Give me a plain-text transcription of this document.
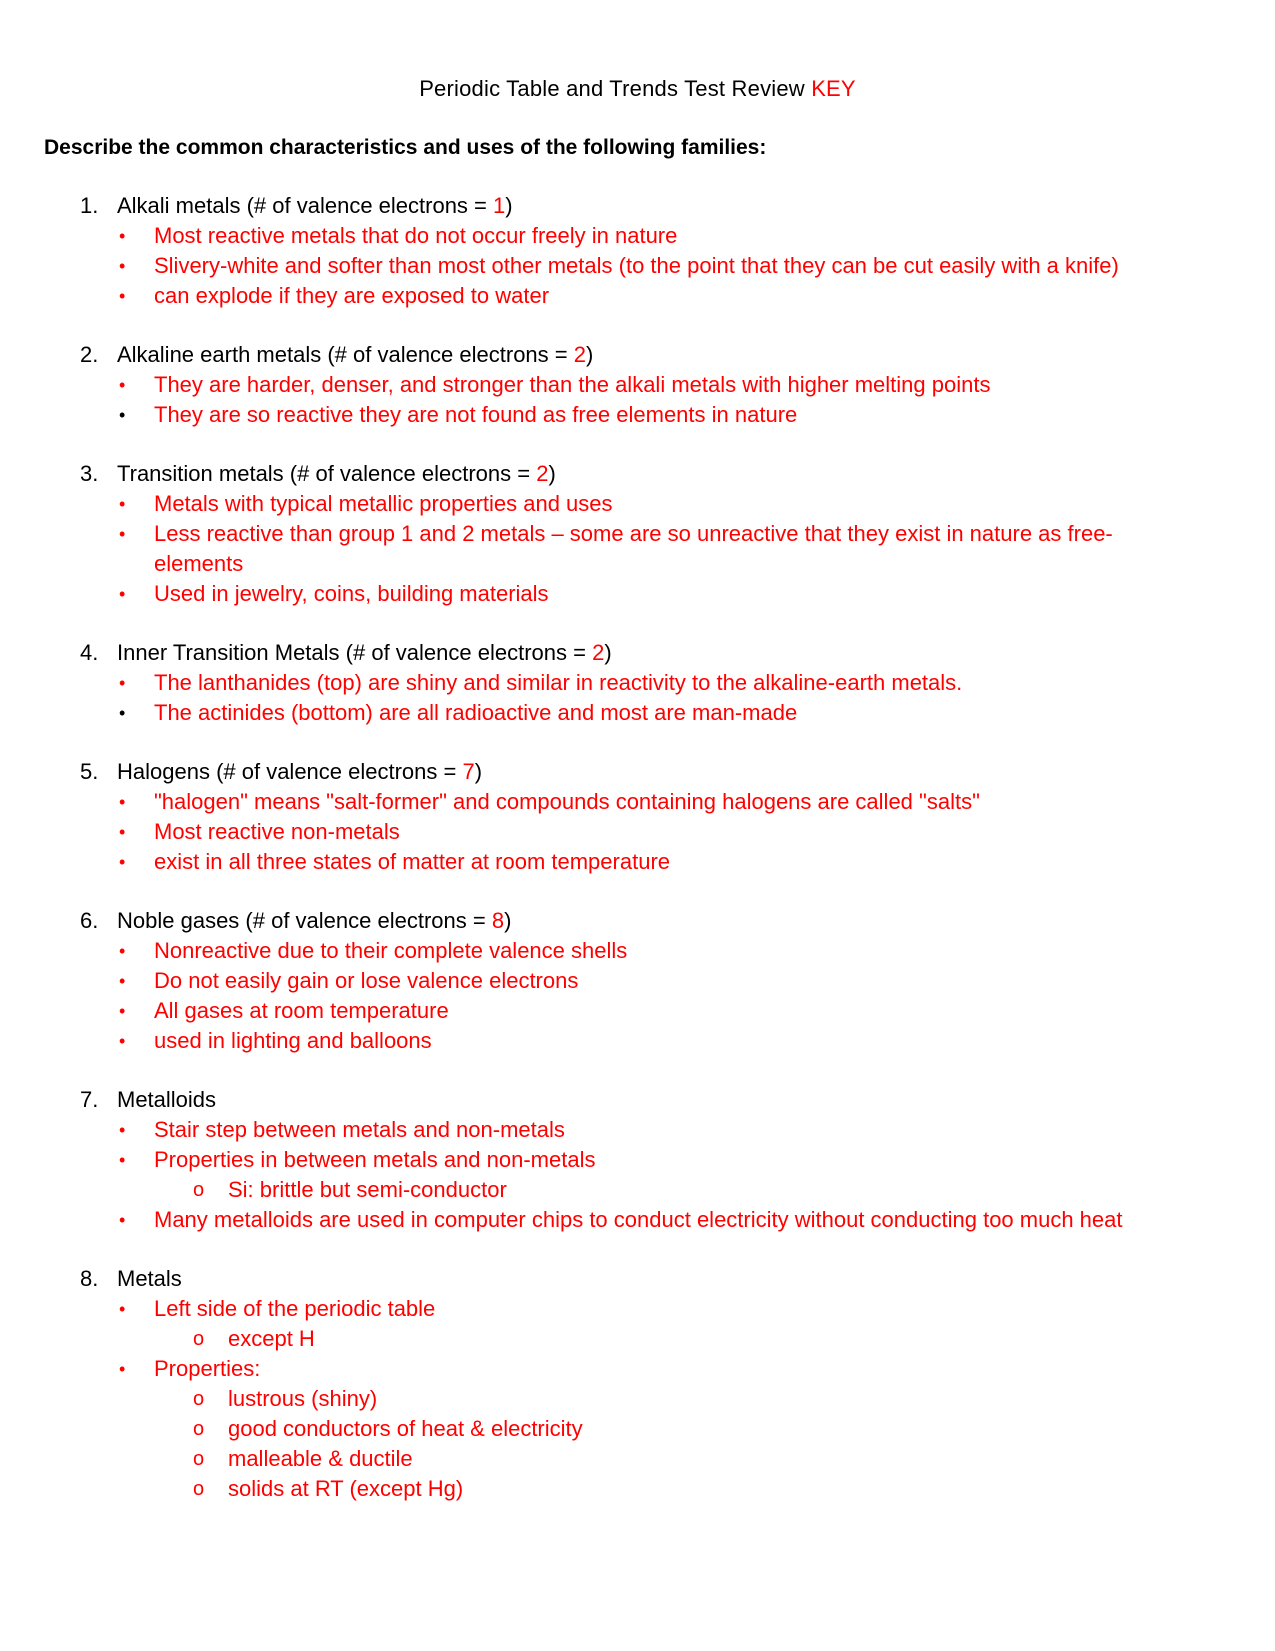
Periodic Table and Trends Test Review KEY
Describe the common characteristics and uses of the following families:
1. Alkali metals (# of valence electrons = 1)
• Most reactive metals that do not occur freely in nature
• Slivery-white and softer than most other metals (to the point that they can be cut easily with a knife)
• can explode if they are exposed to water
2. Alkaline earth metals (# of valence electrons = 2)
• They are harder, denser, and stronger than the alkali metals with higher melting points
• They are so reactive they are not found as free elements in nature
3. Transition metals (# of valence electrons = 2)
• Metals with typical metallic properties and uses
• Less reactive than group 1 and 2 metals – some are so unreactive that they exist in nature as free-
elements
• Used in jewelry, coins, building materials
4. Inner Transition Metals (# of valence electrons = 2)
• The lanthanides (top) are shiny and similar in reactivity to the alkaline-earth metals.
• The actinides (bottom) are all radioactive and most are man-made
5. Halogens (# of valence electrons = 7)
• "halogen" means "salt-former" and compounds containing halogens are called "salts"
• Most reactive non-metals
• exist in all three states of matter at room temperature
6. Noble gases (# of valence electrons = 8)
• Nonreactive due to their complete valence shells
• Do not easily gain or lose valence electrons
• All gases at room temperature
• used in lighting and balloons
7. Metalloids
• Stair step between metals and non-metals
• Properties in between metals and non-metals
o Si: brittle but semi-conductor
• Many metalloids are used in computer chips to conduct electricity without conducting too much heat
8. Metals
• Left side of the periodic table
o except H
• Properties:
o lustrous (shiny)
o good conductors of heat & electricity
o malleable & ductile
o solids at RT (except Hg)
